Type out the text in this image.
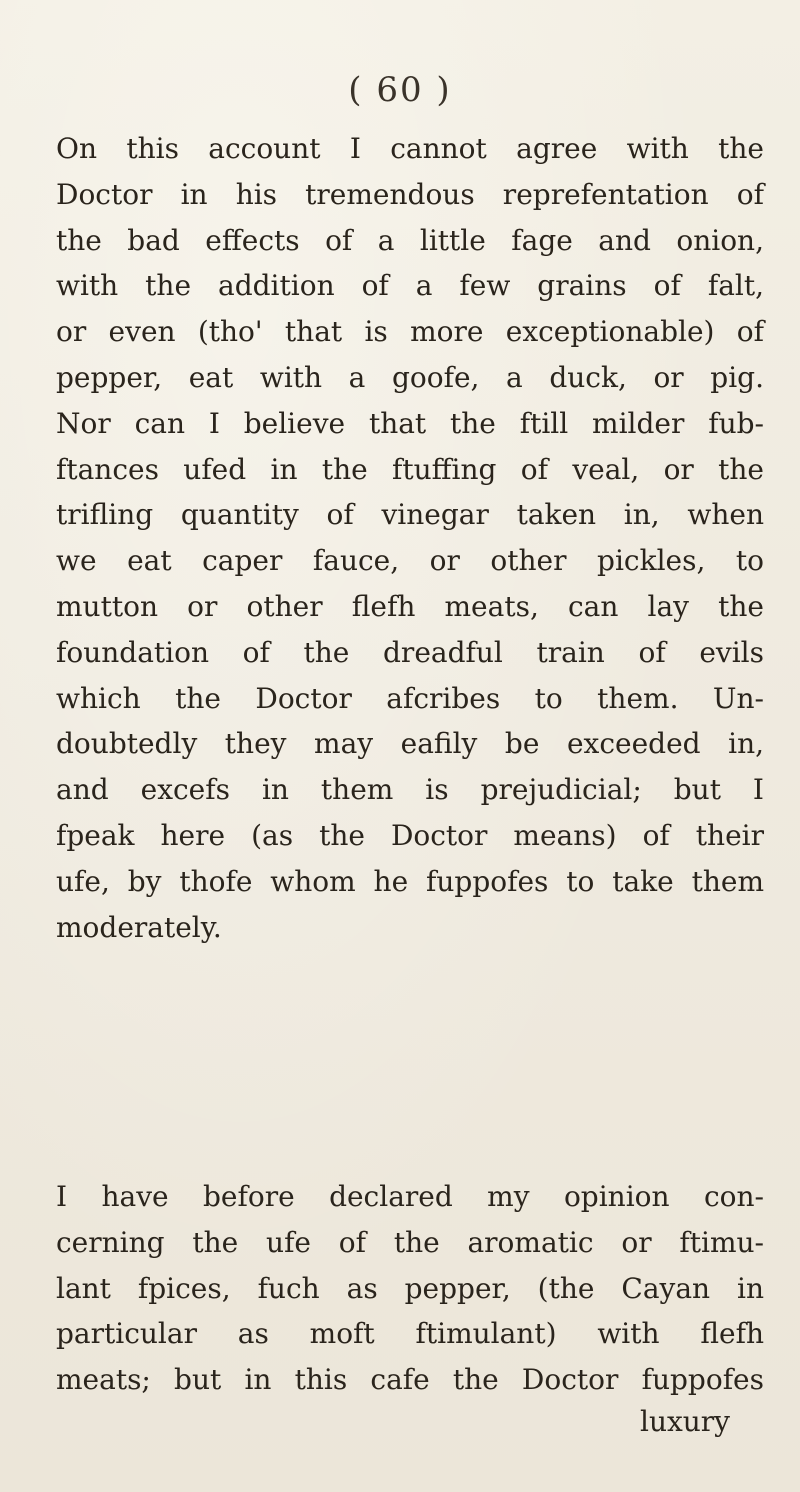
( 60 )
On this account I cannot agree with the
Doctor in his tremendous reprefentation of
the bad effects of a little fage and onion,
with the addition of a few grains of falt,
or even (tho' that is more exceptionable) of
pepper, eat with a goofe, a duck, or pig.
Nor can I believe that the ftill milder fub-
ftances ufed in the ftuffing of veal, or the
trifling quantity of vinegar taken in, when
we eat caper fauce, or other pickles, to
mutton or other flefh meats, can lay the
foundation of the dreadful train of evils
which the Doctor afcribes to them. Un-
doubtedly they may eafily be exceeded in,
and excefs in them is prejudicial; but I
fpeak here (as the Doctor means) of their
ufe, by thofe whom he fuppofes to take them
moderately.
I have before declared my opinion con-
cerning the ufe of the aromatic or ftimu-
lant fpices, fuch as pepper, (the Cayan in
particular as moft ftimulant) with flefh
meats; but in this cafe the Doctor fuppofes
luxury
